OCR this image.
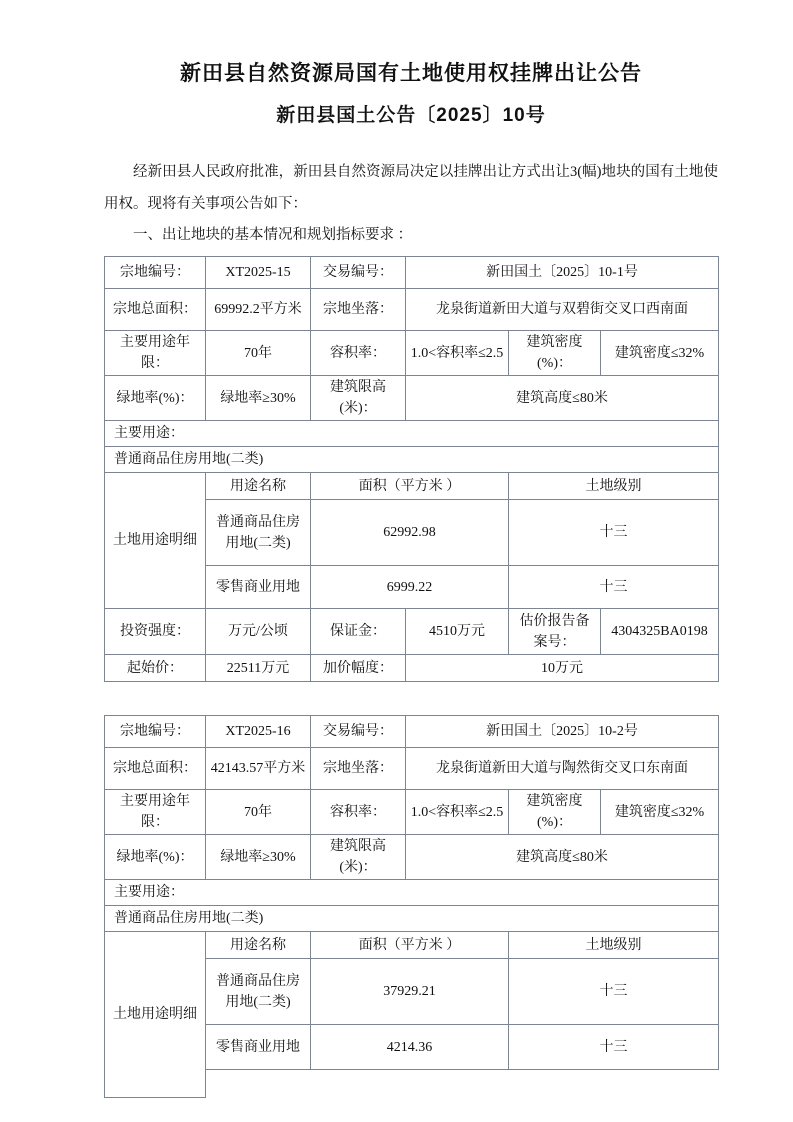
新田县自然资源局国有土地使用权挂牌出让公告
新田县国土公告〔2025〕10号

经新田县人民政府批准，新田县自然资源局决定以挂牌出让方式出让3(幅)地块的国有土地使用权。现将有关事项公告如下：

一、出让地块的基本情况和规划指标要求 ：

宗地编号：	XT2025-15	交易编号：	新田国土〔2025〕10-1号		
宗地总面积：	69992.2平方米	宗地坐落：	龙泉街道新田大道与双碧街交叉口西南面		
主要用途年限：	70年	容积率：	1.0<容积率≤2.5	建筑密度(%)：	建筑密度≤32%
绿地率(%)：	绿地率≥30%	建筑限高(米)：	建筑高度≤80米		
主要用途：					
普通商品住房用地(二类)					
土地用途明细	用途名称	面积（平方米 ）		土地级别	
	普通商品住房用地(二类)	62992.98		十三	
	零售商业用地	6999.22		十三	
投资强度：	万元/公顷	保证金：	4510万元	估价报告备案号：	4304325BA0198
起始价：	22511万元	加价幅度：	10万元		
宗地编号：	XT2025-16	交易编号：	新田国土〔2025〕10-2号		
宗地总面积：	42143.57平方米	宗地坐落：	龙泉街道新田大道与陶然街交叉口东南面		
主要用途年限：	70年	容积率：	1.0<容积率≤2.5	建筑密度(%)：	建筑密度≤32%
绿地率(%)：	绿地率≥30%	建筑限高(米)：	建筑高度≤80米		
主要用途：					
普通商品住房用地(二类)					
土地用途明细	用途名称	面积（平方米 ）		土地级别	
	普通商品住房用地(二类)	37929.21		十三	
	零售商业用地	4214.36		十三	
